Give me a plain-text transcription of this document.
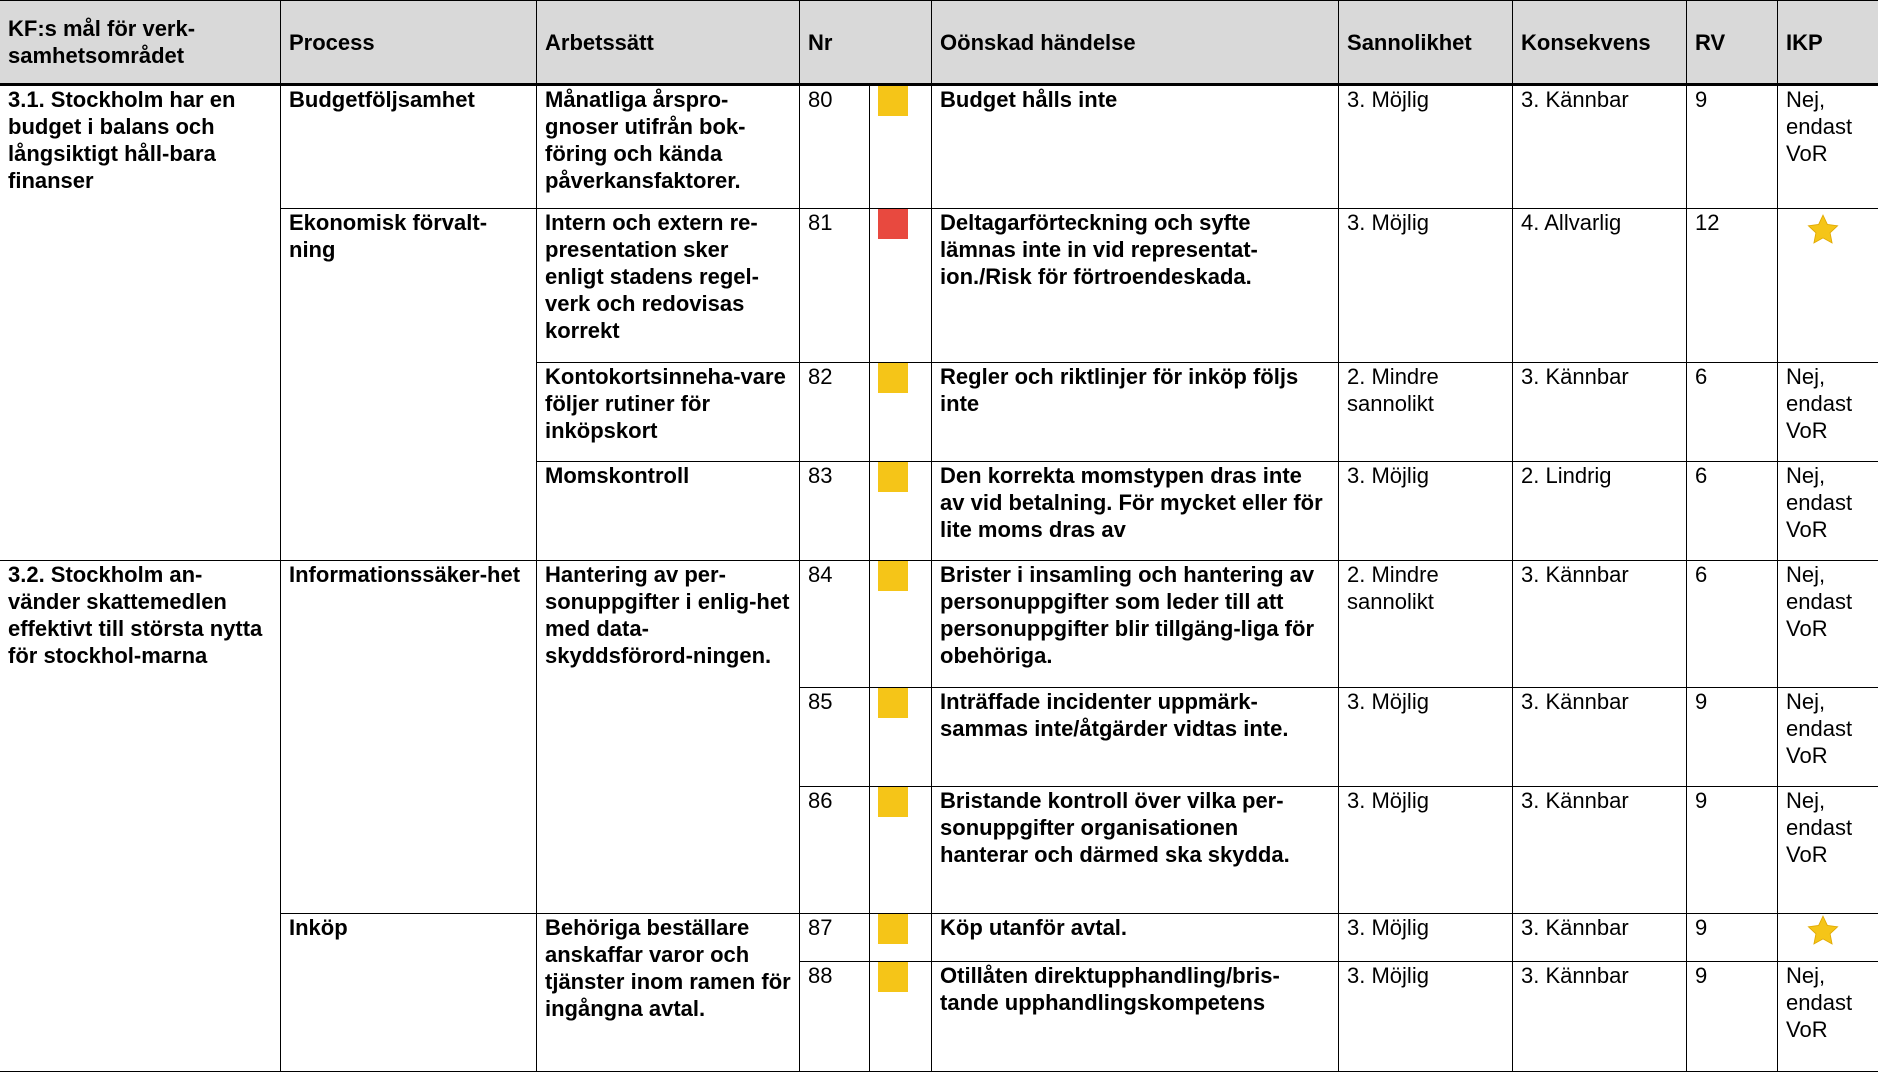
KF:s mål för verk-samhetsområdet	Process	Arbetssätt	Nr		Oönskad händelse	Sannolikhet	Konsekvens	RV	IKP
3.1. Stockholm har en budget i balans och långsiktigt håll-bara finanser	Budgetföljsamhet	Månatliga årspro-gnoser utifrån bok-föring och kända påverkansfaktorer.	80		Budget hålls inte	3. Möjlig	3. Kännbar	9	Nej, endast VoR
	Ekonomisk förvalt-ning	Intern och extern re-presentation sker enligt stadens regel-verk och redovisas korrekt	81		Deltagarförteckning och syfte lämnas inte in vid representat-ion./Risk för förtroendeskada.	3. Möjlig	4. Allvarlig	12	

		Kontokortsinneha-vare följer rutiner för inköpskort	82		Regler och riktlinjer för inköp följs inte	2. Mindre sannolikt	3. Kännbar	6	Nej, endast VoR
		Momskontroll	83		Den korrekta momstypen dras inte av vid betalning. För mycket eller för lite moms dras av	3. Möjlig	2. Lindrig	6	Nej, endast VoR
3.2. Stockholm an-vänder skattemedlen effektivt till största nytta för stockhol-marna	Informationssäker-het	Hantering av per-sonuppgifter i enlig-het med data-skyddsförord-ningen.	84		Brister i insamling och hantering av personuppgifter som leder till att personuppgifter blir tillgäng-liga för obehöriga.	2. Mindre sannolikt	3. Kännbar	6	Nej, endast VoR
			85		Inträffade incidenter uppmärk-sammas inte/åtgärder vidtas inte.	3. Möjlig	3. Kännbar	9	Nej, endast VoR
			86		Bristande kontroll över vilka per-sonuppgifter organisationen hanterar och därmed ska skydda.	3. Möjlig	3. Kännbar	9	Nej, endast VoR
	Inköp	Behöriga beställare anskaffar varor och tjänster inom ramen för ingångna avtal.	87		Köp utanför avtal.	3. Möjlig	3. Kännbar	9	

			88		Otillåten direktupphandling/bris-tande upphandlingskompetens	3. Möjlig	3. Kännbar	9	Nej, endast VoR
